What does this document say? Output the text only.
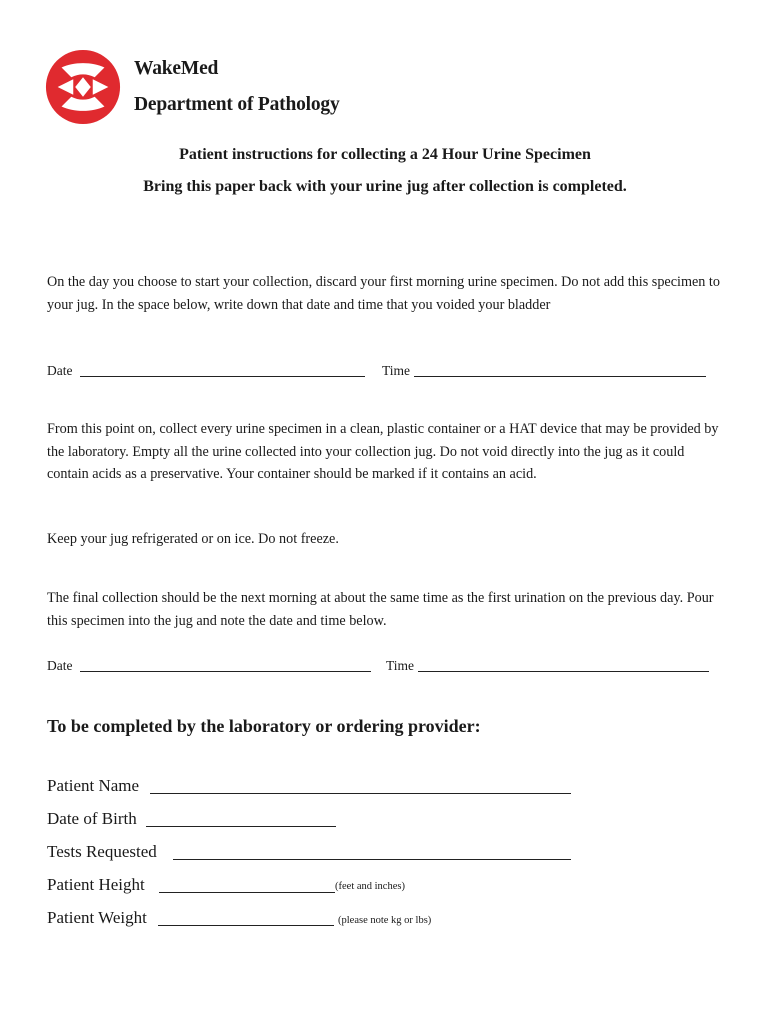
WakeMed
Department of Pathology
Patient instructions for collecting a 24 Hour Urine Specimen
Bring this paper back with your urine jug after collection is completed.

On the day you choose to start your collection, discard your first morning urine specimen. Do not add this specimen to your jug. In the space below, write down that date and time that you voided your bladder

Date	Time

From this point on, collect every urine specimen in a clean, plastic container or a HAT device that may be provided by the laboratory. Empty all the urine collected into your collection jug. Do not void directly into the jug as it could contain acids as a preservative. Your container should be marked if it contains an acid.

Keep your jug refrigerated or on ice. Do not freeze.

The final collection should be the next morning at about the same time as the first urination on the previous day. Pour this specimen into the jug and note the date and time below.

Date	Time
To be completed by the laboratory or ordering provider:
Patient Name
Date of Birth
Tests Requested
Patient Height	(feet and inches)
Patient Weight	(please note kg or lbs)
